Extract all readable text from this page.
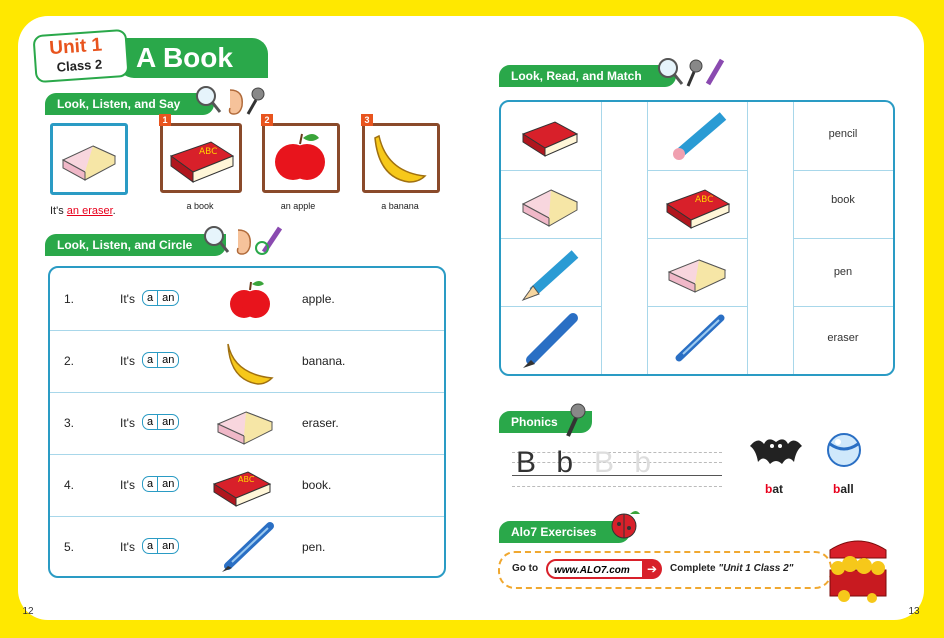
A Book
Unit 1
Class 2
Look, Listen, and Say
It's an eraser.
1
ABC
a book
2
an apple
3
a banana
Look, Listen, and Circle
1.	It's	a an	apple.
2.	It's	a an	banana.
3.	It's	a an	eraser.
4.	It's	a an	ABC	book.
5.	It's	a an	pen.
12
Look, Read, and Match
ABC
pencil
book
pen
eraser
Phonics
B b B b
bat	ball
Alo7 Exercises
Go to	www.ALO7.com	➔	Complete "Unit 1 Class 2"
13
